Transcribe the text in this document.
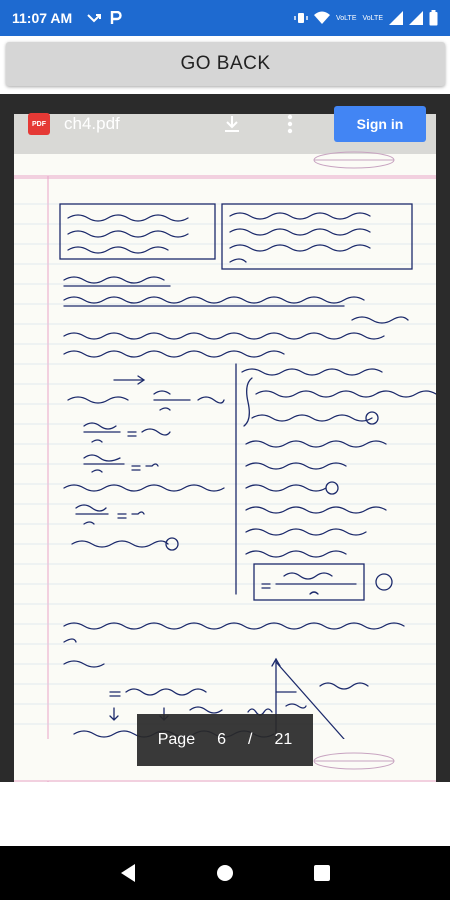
11:07 AM	VoLTE VoLTE
GO BACK
PDF ch4.pdf	Sign in
Page 6 / 21
